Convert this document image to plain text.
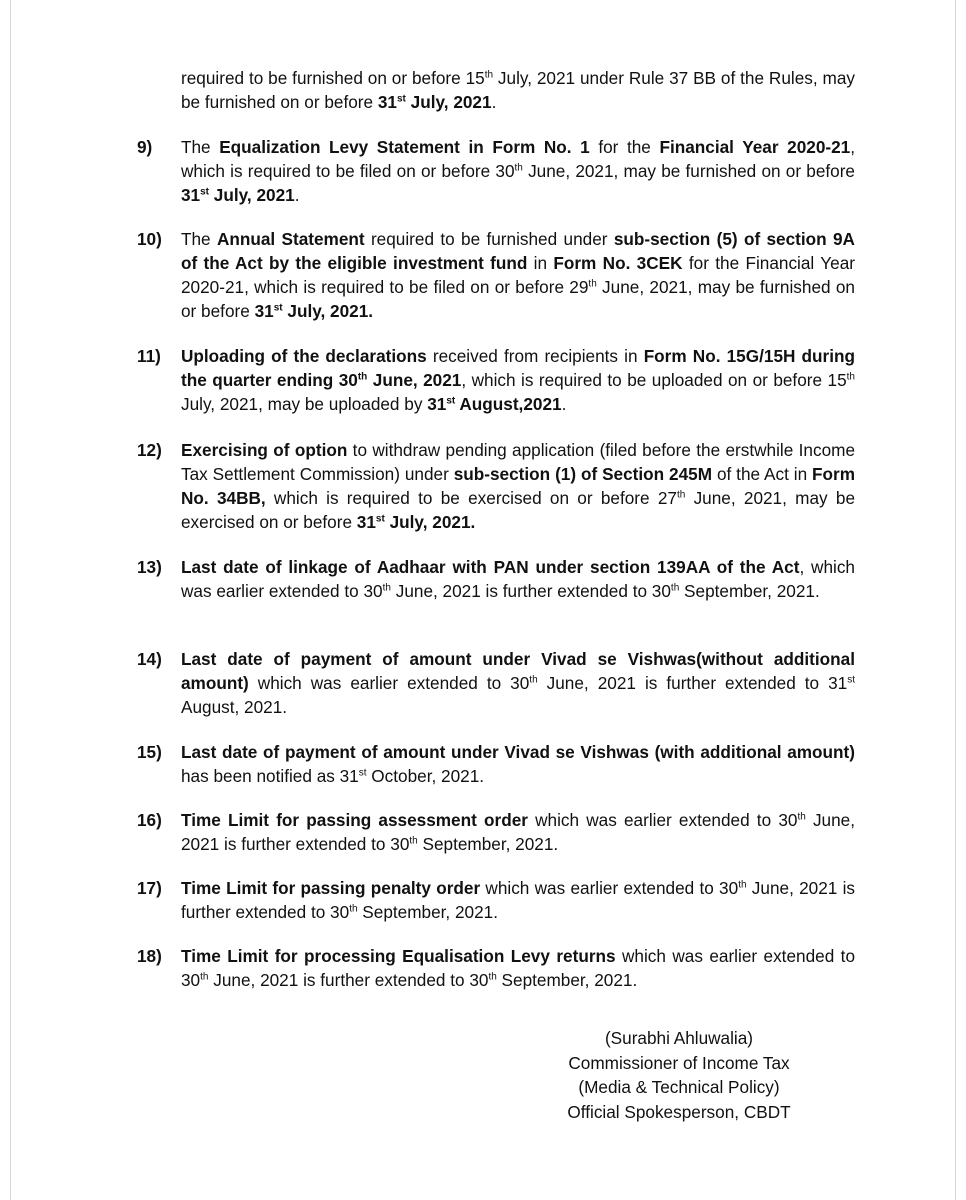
required to be furnished on or before 15th July, 2021 under Rule 37 BB of the Rules, may be furnished on or before 31st July, 2021.
9)	The Equalization Levy Statement in Form No. 1 for the Financial Year 2020-21, which is required to be filed on or before 30th June, 2021, may be furnished on or before 31st July, 2021.
10)	The Annual Statement required to be furnished under sub-section (5) of section 9A of the Act by the eligible investment fund in Form No. 3CEK for the Financial Year 2020-21, which is required to be filed on or before 29th June, 2021, may be furnished on or before 31st July, 2021.
11)	Uploading of the declarations received from recipients in Form No. 15G/15H during the quarter ending 30th June, 2021, which is required to be uploaded on or before 15th July, 2021, may be uploaded by 31st August,2021.
12)	Exercising of option to withdraw pending application (filed before the erstwhile Income Tax Settlement Commission) under sub-section (1) of Section 245M of the Act in Form No. 34BB, which is required to be exercised on or before 27th June, 2021, may be exercised on or before 31st July, 2021.
13)	Last date of linkage of Aadhaar with PAN under section 139AA of the Act, which was earlier extended to 30th June, 2021 is further extended to 30th September, 2021.
14)	Last date of payment of amount under Vivad se Vishwas(without additional amount) which was earlier extended to 30th June, 2021 is further extended to 31st August, 2021.
15)	Last date of payment of amount under Vivad se Vishwas (with additional amount) has been notified as 31st October, 2021.
16)	Time Limit for passing assessment order which was earlier extended to 30th June, 2021 is further extended to 30th September, 2021.
17)	Time Limit for passing penalty order which was earlier extended to 30th June, 2021 is further extended to 30th September, 2021.
18)	Time Limit for processing Equalisation Levy returns which was earlier extended to 30th June, 2021 is further extended to 30th September, 2021.
(Surabhi Ahluwalia)
Commissioner of Income Tax
(Media & Technical Policy)
Official Spokesperson, CBDT
